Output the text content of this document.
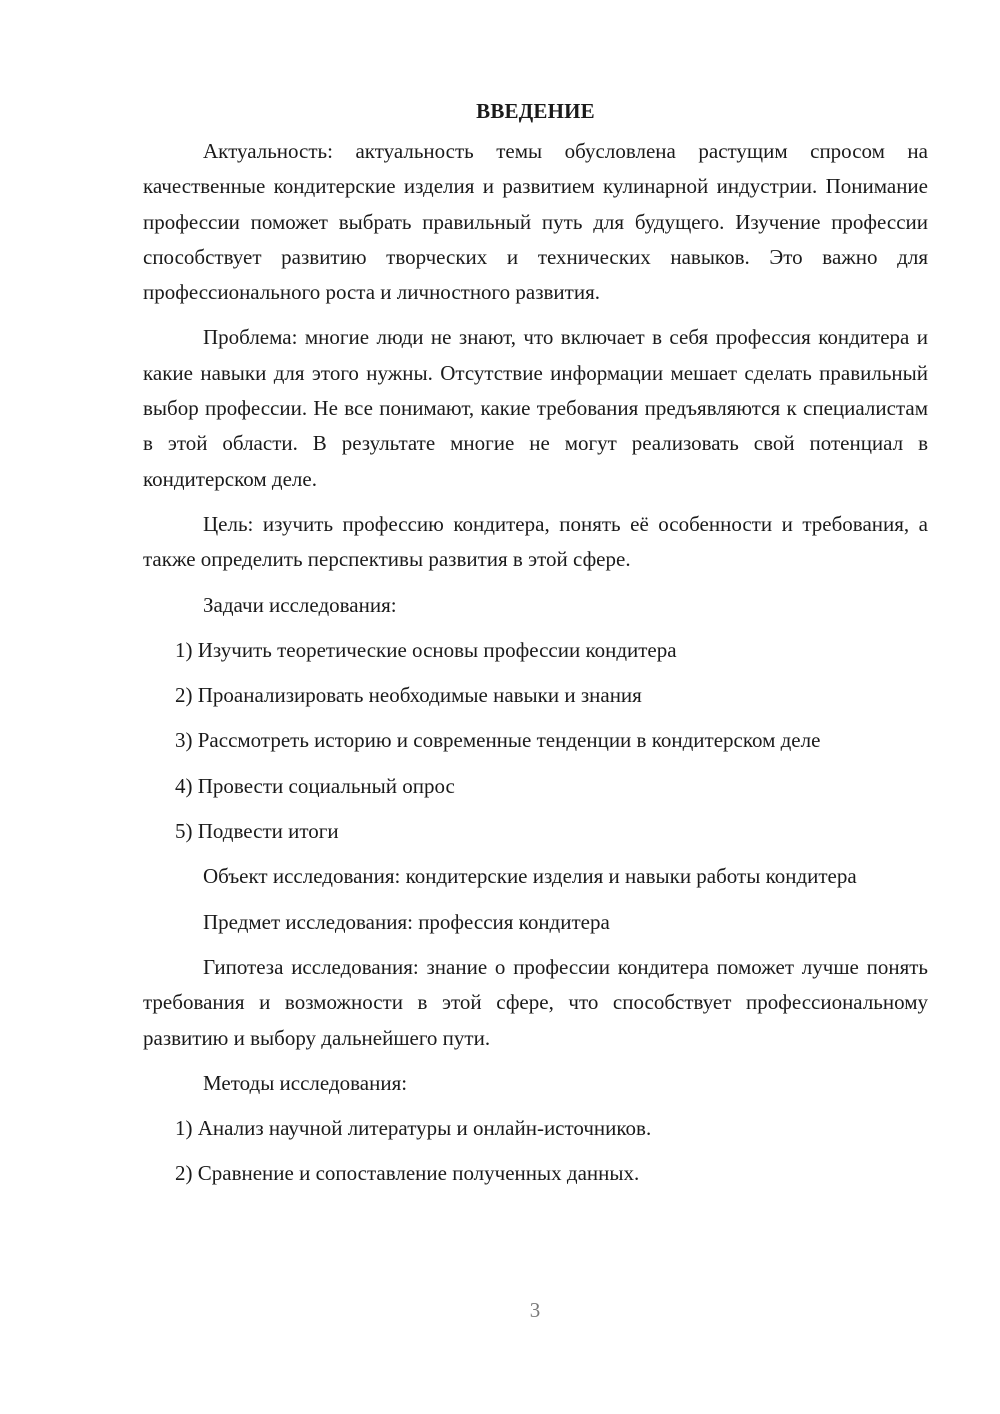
ВВЕДЕНИЕ

Актуальность: актуальность темы обусловлена растущим спросом на качественные кондитерские изделия и развитием кулинарной индустрии. Понимание профессии поможет выбрать правильный путь для будущего. Изучение профессии способствует развитию творческих и технических навыков. Это важно для профессионального роста и личностного развития.

Проблема: многие люди не знают, что включает в себя профессия кондитера и какие навыки для этого нужны. Отсутствие информации мешает сделать правильный выбор профессии. Не все понимают, какие требования предъявляются к специалистам в этой области. В результате многие не могут реализовать свой потенциал в кондитерском деле.

Цель: изучить профессию кондитера, понять её особенности и требования, а также определить перспективы развития в этой сфере.

Задачи исследования:

1) Изучить теоретические основы профессии кондитера

2) Проанализировать необходимые навыки и знания

3) Рассмотреть историю и современные тенденции в кондитерском деле

4) Провести социальный опрос

5) Подвести итоги

Объект исследования: кондитерские изделия и навыки работы кондитера

Предмет исследования: профессия кондитера

Гипотеза исследования: знание о профессии кондитера поможет лучше понять требования и возможности в этой сфере, что способствует профессиональному развитию и выбору дальнейшего пути.

Методы исследования:

1) Анализ научной литературы и онлайн-источников.

2) Сравнение и сопоставление полученных данных.

3
